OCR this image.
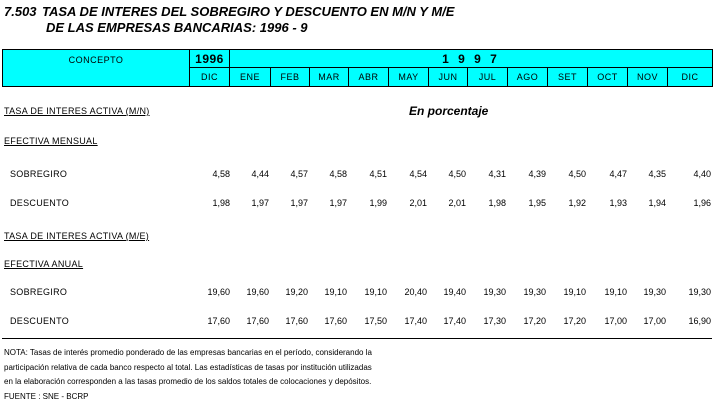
7.503 TASA DE INTERES DEL SOBREGIRO Y DESCUENTO EN M/N Y M/E
DE LAS EMPRESAS BANCARIAS: 1996 - 9
CONCEPTO	1996	1 9 9 7											
	DIC	ENE	FEB	MAR	ABR	MAY	JUN	JUL	AGO	SET	OCT	NOV	DIC
TASA DE INTERES ACTIVA (M/N)	En porcentaje
EFECTIVA MENSUAL
SOBREGIRO	4,58	4,44	4,57	4,58	4,51	4,54	4,50	4,31	4,39	4,50	4,47	4,35	4,40
DESCUENTO	1,98	1,97	1,97	1,97	1,99	2,01	2,01	1,98	1,95	1,92	1,93	1,94	1,96
TASA DE INTERES ACTIVA (M/E)
EFECTIVA ANUAL
SOBREGIRO	19,60	19,60	19,20	19,10	19,10	20,40	19,40	19,30	19,30	19,10	19,10	19,30	19,30
DESCUENTO	17,60	17,60	17,60	17,60	17,50	17,40	17,40	17,30	17,20	17,20	17,00	17,00	16,90
NOTA: Tasas de interés promedio ponderado de las empresas bancarias en el período, considerando la
participación relativa de cada banco respecto al total. Las estadísticas de tasas por institución utilizadas
en la elaboración corresponden a las tasas promedio de los saldos totales de colocaciones y depósitos.
FUENTE : SNE - BCRP
